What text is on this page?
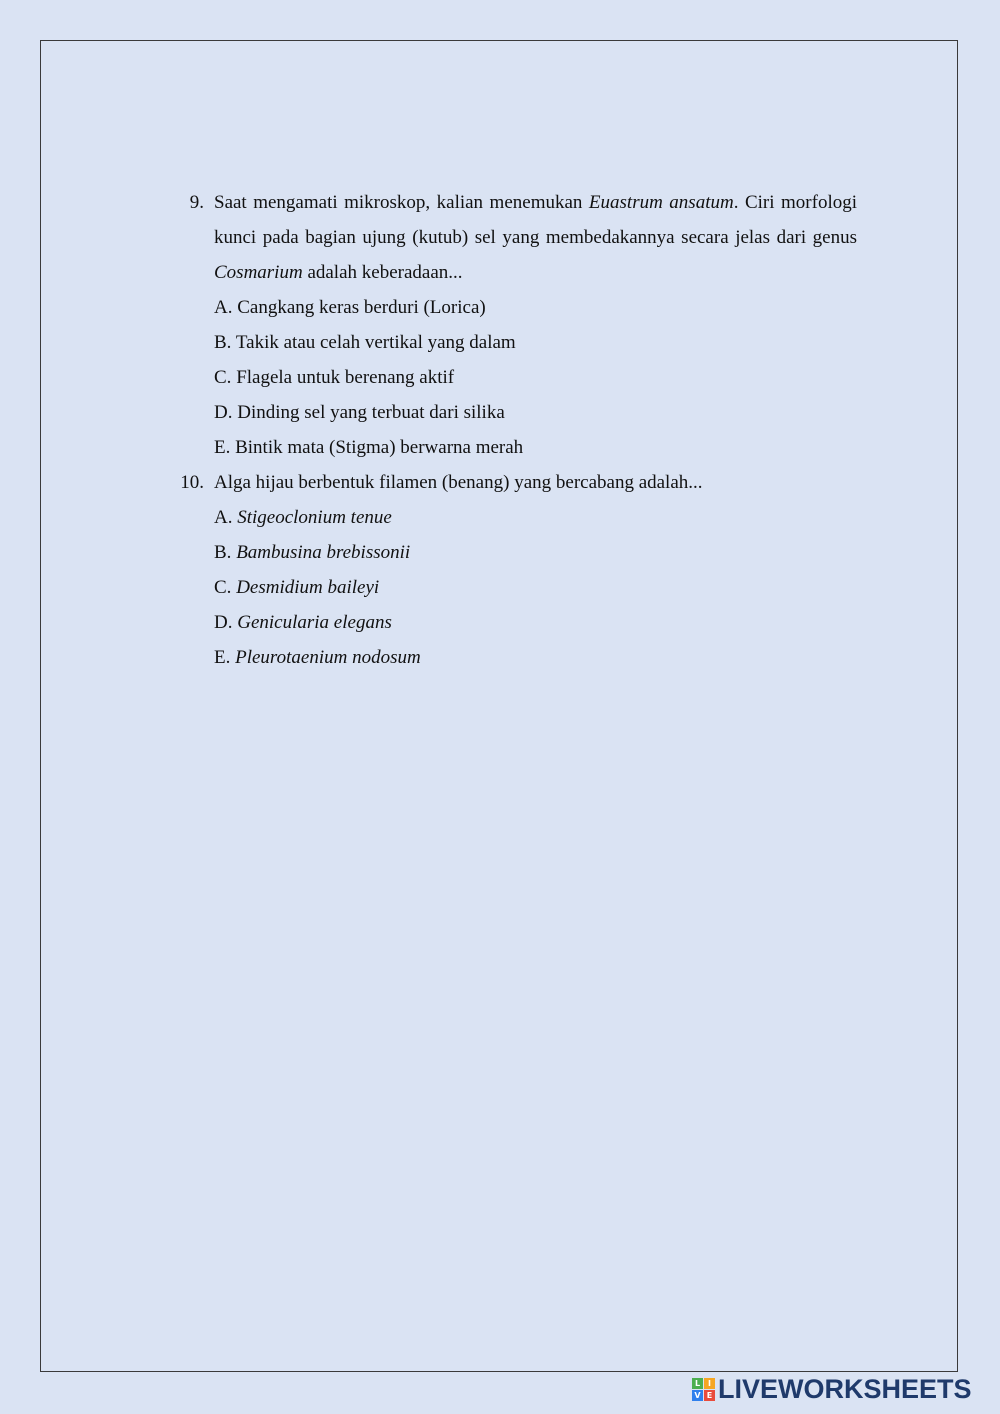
9. Saat mengamati mikroskop, kalian menemukan Euastrum ansatum. Ciri morfologi kunci pada bagian ujung (kutub) sel yang membedakannya secara jelas dari genus Cosmarium adalah keberadaan...
A. Cangkang keras berduri (Lorica)
B. Takik atau celah vertikal yang dalam
C. Flagela untuk berenang aktif
D. Dinding sel yang terbuat dari silika
E. Bintik mata (Stigma) berwarna merah
10. Alga hijau berbentuk filamen (benang) yang bercabang adalah...
A. Stigeoclonium tenue
B. Bambusina brebissonii
C. Desmidium baileyi
D. Genicularia elegans
E. Pleurotaenium nodosum
L I
V E LIVEWORKSHEETS
